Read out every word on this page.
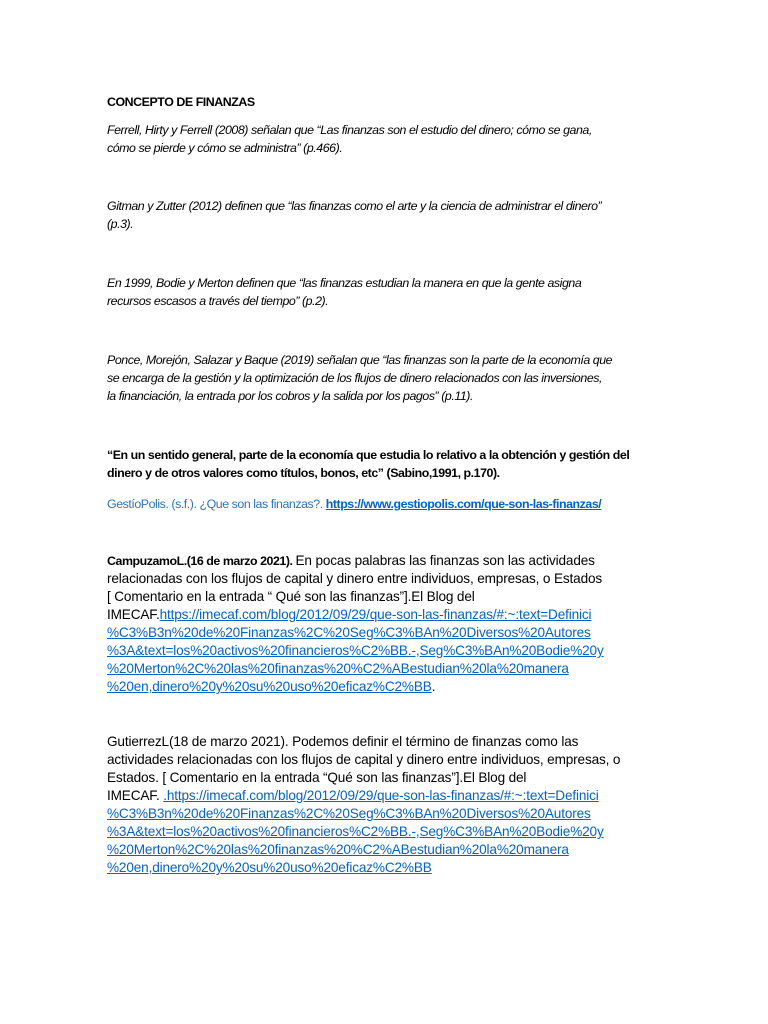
CONCEPTO DE FINANZAS

Ferrell, Hirty y Ferrell (2008) señalan que “Las finanzas son el estudio del dinero; cómo se gana,
cómo se pierde y cómo se administra” (p.466).

Gitman y Zutter (2012) definen que “las finanzas como el arte y la ciencia de administrar el dinero”
(p.3).

En 1999, Bodie y Merton definen que “las finanzas estudian la manera en que la gente asigna
recursos escasos a través del tiempo” (p.2).

Ponce, Morejón, Salazar y Baque (2019) señalan que “las finanzas son la parte de la economía que
se encarga de la gestión y la optimización de los flujos de dinero relacionados con las inversiones,
la financiación, la entrada por los cobros y la salida por los pagos” (p.11).

“En un sentido general, parte de la economía que estudia lo relativo a la obtención y gestión del
dinero y de otros valores como títulos, bonos, etc” (Sabino,1991, p.170).

GestíoPolis. (s.f.). ¿Que son las finanzas?. https://www.gestiopolis.com/que-son-las-finanzas/

CampuzamoL.(16 de marzo 2021). En pocas palabras las finanzas son las actividades
relacionadas con los flujos de capital y dinero entre individuos, empresas, o Estados
[ Comentario en la entrada “ Qué son las finanzas”].El Blog del
IMECAF.https://imecaf.com/blog/2012/09/29/que-son-las-finanzas/#:~:text=Definici
%C3%B3n%20de%20Finanzas%2C%20Seg%C3%BAn%20Diversos%20Autores
%3A&text=los%20activos%20financieros%C2%BB.-,Seg%C3%BAn%20Bodie%20y
%20Merton%2C%20las%20finanzas%20%C2%ABestudian%20la%20manera
%20en,dinero%20y%20su%20uso%20eficaz%C2%BB.
GutierrezL(18 de marzo 2021). Podemos definir el término de finanzas como las
actividades relacionadas con los flujos de capital y dinero entre individuos, empresas, o
Estados. [ Comentario en la entrada “Qué son las finanzas”].El Blog del
IMECAF. .https://imecaf.com/blog/2012/09/29/que-son-las-finanzas/#:~:text=Definici
%C3%B3n%20de%20Finanzas%2C%20Seg%C3%BAn%20Diversos%20Autores
%3A&text=los%20activos%20financieros%C2%BB.-,Seg%C3%BAn%20Bodie%20y
%20Merton%2C%20las%20finanzas%20%C2%ABestudian%20la%20manera
%20en,dinero%20y%20su%20uso%20eficaz%C2%BB
